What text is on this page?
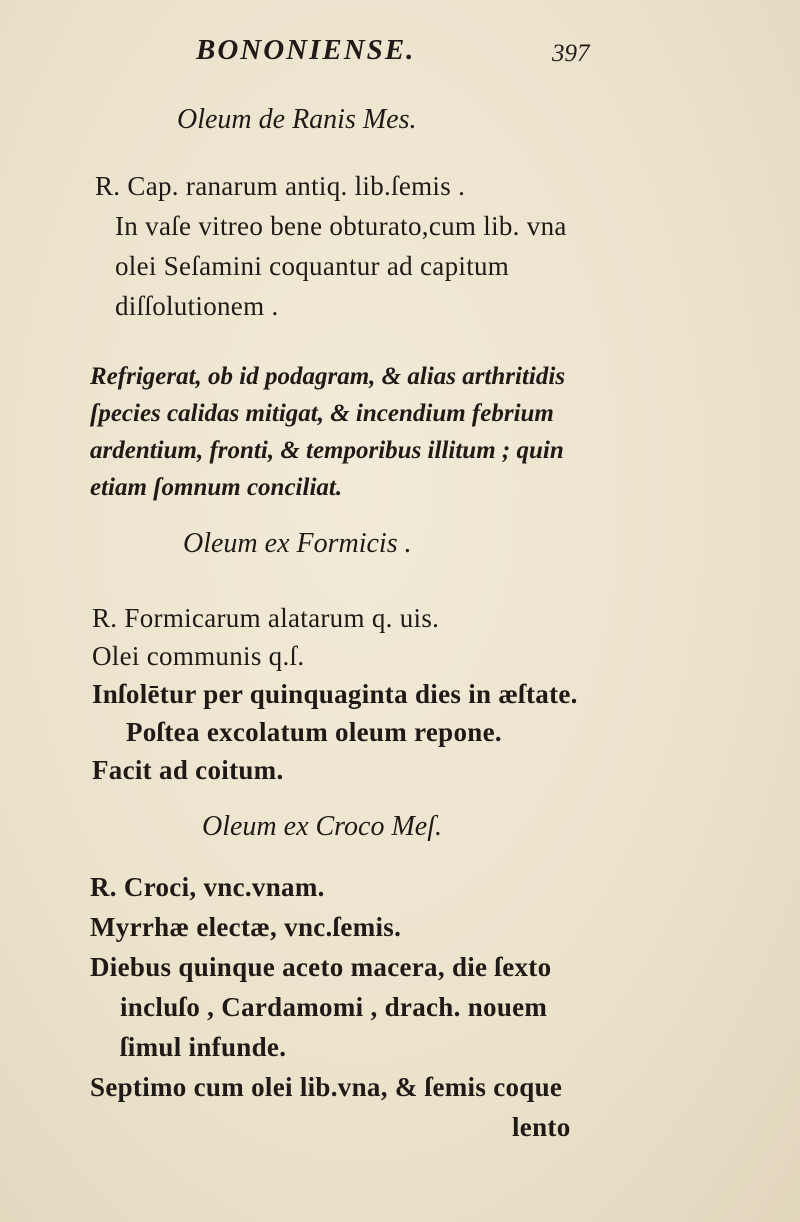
BONONIENSE.	397
Oleum de Ranis Mes.
R. Cap. ranarum antiq. lib.ſemis .
In vaſe vitreo bene obturato,cum lib. vna
olei Seſamini coquantur ad capitum
diſſolutionem .
Refrigerat, ob id podagram, & alias arthritidis
ſpecies calidas mitigat, & incendium febrium
ardentium, fronti, & temporibus illitum ; quin
etiam ſomnum conciliat.
Oleum ex Formicis .
R. Formicarum alatarum q. uis.
Olei communis q.ſ.
Inſolētur per quinquaginta dies in æſtate.
Poſtea excolatum oleum repone.
Facit ad coitum.
Oleum ex Croco Meſ.
R. Croci, vnc.vnam.
Myrrhæ electæ, vnc.ſemis.
Diebus quinque aceto macera, die ſexto
incluſo , Cardamomi , drach. nouem
ſimul infunde.
Septimo cum olei lib.vna, & ſemis coque
lento
